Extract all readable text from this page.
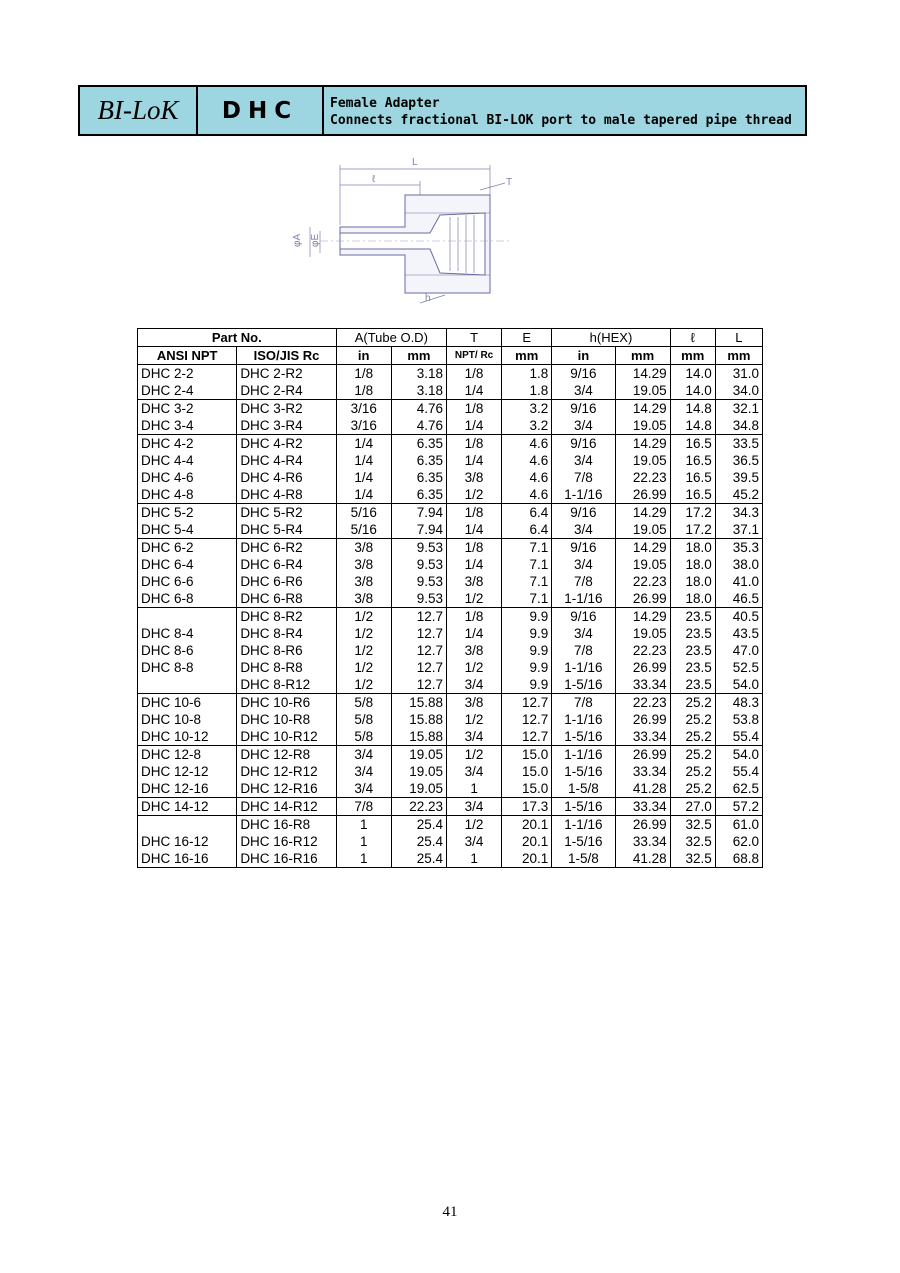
BI-LoK	DHC	Female Adapter
Connects fractional BI-LOK port to male tapered pipe thread
L
ℓ	T
φA φE
h
Part No.		A(Tube O.D)		T	E	h(HEX)		ℓ	L
ANSI NPT	ISO/JIS Rc	in	mm	NPT/ Rc	mm	in	mm	mm	mm
DHC 2-2	DHC 2-R2	1/8	3.18	1/8	1.8	9/16	14.29	14.0	31.0
DHC 2-4	DHC 2-R4	1/8	3.18	1/4	1.8	3/4	19.05	14.0	34.0
DHC 3-2	DHC 3-R2	3/16	4.76	1/8	3.2	9/16	14.29	14.8	32.1
DHC 3-4	DHC 3-R4	3/16	4.76	1/4	3.2	3/4	19.05	14.8	34.8
DHC 4-2	DHC 4-R2	1/4	6.35	1/8	4.6	9/16	14.29	16.5	33.5
DHC 4-4	DHC 4-R4	1/4	6.35	1/4	4.6	3/4	19.05	16.5	36.5
DHC 4-6	DHC 4-R6	1/4	6.35	3/8	4.6	7/8	22.23	16.5	39.5
DHC 4-8	DHC 4-R8	1/4	6.35	1/2	4.6	1-1/16	26.99	16.5	45.2
DHC 5-2	DHC 5-R2	5/16	7.94	1/8	6.4	9/16	14.29	17.2	34.3
DHC 5-4	DHC 5-R4	5/16	7.94	1/4	6.4	3/4	19.05	17.2	37.1
DHC 6-2	DHC 6-R2	3/8	9.53	1/8	7.1	9/16	14.29	18.0	35.3
DHC 6-4	DHC 6-R4	3/8	9.53	1/4	7.1	3/4	19.05	18.0	38.0
DHC 6-6	DHC 6-R6	3/8	9.53	3/8	7.1	7/8	22.23	18.0	41.0
DHC 6-8	DHC 6-R8	3/8	9.53	1/2	7.1	1-1/16	26.99	18.0	46.5
	DHC 8-R2	1/2	12.7	1/8	9.9	9/16	14.29	23.5	40.5
DHC 8-4	DHC 8-R4	1/2	12.7	1/4	9.9	3/4	19.05	23.5	43.5
DHC 8-6	DHC 8-R6	1/2	12.7	3/8	9.9	7/8	22.23	23.5	47.0
DHC 8-8	DHC 8-R8	1/2	12.7	1/2	9.9	1-1/16	26.99	23.5	52.5
	DHC 8-R12	1/2	12.7	3/4	9.9	1-5/16	33.34	23.5	54.0
DHC 10-6	DHC 10-R6	5/8	15.88	3/8	12.7	7/8	22.23	25.2	48.3
DHC 10-8	DHC 10-R8	5/8	15.88	1/2	12.7	1-1/16	26.99	25.2	53.8
DHC 10-12	DHC 10-R12	5/8	15.88	3/4	12.7	1-5/16	33.34	25.2	55.4
DHC 12-8	DHC 12-R8	3/4	19.05	1/2	15.0	1-1/16	26.99	25.2	54.0
DHC 12-12	DHC 12-R12	3/4	19.05	3/4	15.0	1-5/16	33.34	25.2	55.4
DHC 12-16	DHC 12-R16	3/4	19.05	1	15.0	1-5/8	41.28	25.2	62.5
DHC 14-12	DHC 14-R12	7/8	22.23	3/4	17.3	1-5/16	33.34	27.0	57.2
	DHC 16-R8	1	25.4	1/2	20.1	1-1/16	26.99	32.5	61.0
DHC 16-12	DHC 16-R12	1	25.4	3/4	20.1	1-5/16	33.34	32.5	62.0
DHC 16-16	DHC 16-R16	1	25.4	1	20.1	1-5/8	41.28	32.5	68.8
41
